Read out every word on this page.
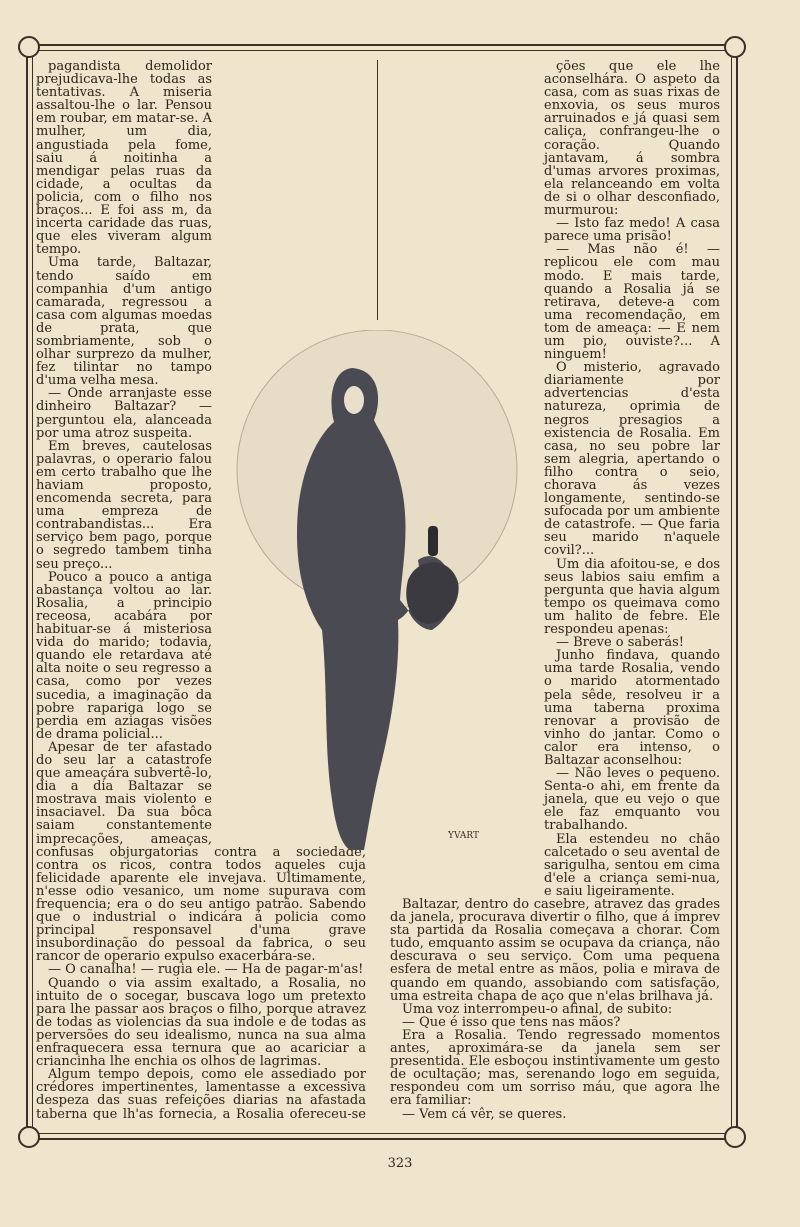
pagandista demolidor prejudicava-lhe todas as tentativas. A miseria assaltou-lhe o lar. Pensou em roubar, em matar-se. A mulher, um dia, angustiada pela fome, saiu á noitinha a mendigar pelas ruas da cidade, a ocultas da policia, com o filho nos braços... E foi ass m, da incerta caridade das ruas, que eles viveram algum tempo.

Uma tarde, Baltazar, tendo saído em companhia d'um antigo camarada, regressou a casa com algumas moedas de prata, que sombriamente, sob o olhar surprezo da mulher, fez tilintar no tampo d'uma velha mesa.

— Onde arranjaste esse dinheiro Baltazar? — perguntou ela, alanceada por uma atroz suspeita.

Em breves, cautelosas palavras, o operario falou em certo trabalho que lhe haviam proposto, encomenda secreta, para uma empreza de contrabandistas... Era serviço bem pago, porque o segredo tambem tinha seu preço...

Pouco a pouco a antiga abastança voltou ao lar. Rosalia, a principio receosa, acabára por habituar-se á misteriosa vida do marido; todavia, quando ele retardava até alta noite o seu regresso a casa, como por vezes sucedia, a imaginação da pobre rapariga logo se perdia em aziagas visões de drama policial...

Apesar de ter afastado do seu lar a catastrofe que ameaçára subvertê-lo, dia a dia Baltazar se mostrava mais violento e insaciavel. Da sua bôca saiam constantemente imprecações, ameaças, confusas objurgatorias contra a sociedade, contra os ricos, contra todos aqueles cuja felicidade aparente ele invejava. Ultimamente, n'esse odio vesanico, um nome supurava com frequencia; era o do seu antigo patrão. Sabendo que o industrial o indicára á policia como principal responsavel d'uma grave insubordinação do pessoal da fabrica, o seu rancor de operario expulso exacerbára-se.

— O canalha! — rugia ele. — Ha de pagar-m'as!

Quando o via assim exaltado, a Rosalia, no intuito de o socegar, buscava logo um pretexto para lhe passar aos braços o filho, porque atravez de todas as violencias da sua indole e de todas as perversões do seu idealismo, nunca na sua alma enfraquecera essa ternura que ao acariciar a criancinha lhe enchia os olhos de lagrimas.

Algum tempo depois, como ele assediado por crédores impertinentes, lamentasse a excessiva despeza das suas refeições diarias na afastada taberna que lh'as fornecia, a Rosalia ofereceu-se

ções que ele lhe aconselhára. O aspeto da casa, com as suas rixas de enxovia, os seus muros arruinados e já quasi sem caliça, confrangeu-lhe o coração. Quando jantavam, á sombra d'umas arvores proximas, ela relanceando em volta de si o olhar desconfiado, murmurou:

— Isto faz medo! A casa parece uma prisão!

— Mas não é! — replicou ele com mau modo. E mais tarde, quando a Rosalia já se retirava, deteve-a com uma recomendação, em tom de ameaça: — E nem um pio, ouviste?... A ninguem!

O misterio, agravado diariamente por advertencias d'esta natureza, oprimia de negros presagios a existencia de Rosalia. Em casa, no seu pobre lar sem alegria, apertando o filho contra o seio, chorava ás vezes longamente, sentindo-se sufocada por um ambiente de catastrofe. — Que faria seu marido n'aquele covil?...

Um dia afoitou-se, e dos seus labios saiu emfim a pergunta que havia algum tempo os queimava como um halito de febre. Ele respondeu apenas:

— Breve o saberás!

Junho findava, quando uma tarde Rosalia, vendo o marido atormentado pela sêde, resolveu ir a uma taberna proxima renovar a provisão de vinho do jantar. Como o calor era intenso, o Baltazar aconselhou:

— Não leves o pequeno. Senta-o ahi, em frente da janela, que eu vejo o que ele faz emquanto vou trabalhando.

Ela estendeu no chão calcetado o seu avental de sarigulha, sentou em cima d'ele a criança semi-nua, e saiu ligeiramente.

Baltazar, dentro do casebre, atravez das grades da janela, procurava divertir o filho, que á imprev sta partida da Rosalia começava a chorar. Com tudo, emquanto assim se ocupava da criança, não descurava o seu serviço. Com uma pequena esfera de metal entre as mãos, polia e mirava de quando em quando, assobiando com satisfação, uma estreita chapa de aço que n'elas brilhava já.

Uma voz interrompeu-o afinal, de subito:

— Que é isso que tens nas mãos?

Era a Rosalia. Tendo regressado momentos antes, aproximára-se da janela sem ser presentida. Ele esboçou instintivamente um gesto de ocultação; mas, serenando logo em seguida, respondeu com um sorriso máu, que agora lhe era familiar:

— Vem cá vêr, se queres.

YVART
323
